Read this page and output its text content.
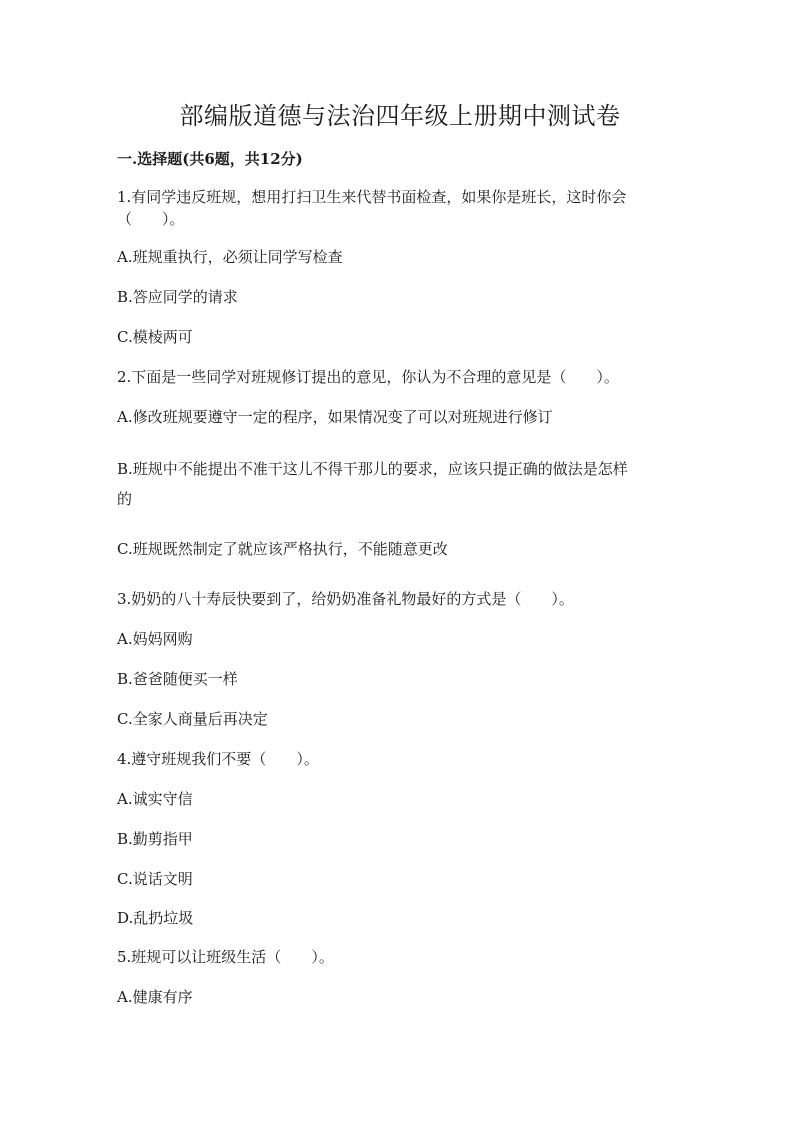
部编版道德与法治四年级上册期中测试卷
一.选择题(共6题，共12分)
1.有同学违反班规，想用打扫卫生来代替书面检查，如果你是班长，这时你会
（　　）。
A.班规重执行，必须让同学写检查
B.答应同学的请求
C.模棱两可
2.下面是一些同学对班规修订提出的意见，你认为不合理的意见是（　　）。
A.修改班规要遵守一定的程序，如果情况变了可以对班规进行修订
B.班规中不能提出不准干这儿不得干那儿的要求，应该只提正确的做法是怎样
的
C.班规既然制定了就应该严格执行，不能随意更改
3.奶奶的八十寿辰快要到了，给奶奶准备礼物最好的方式是（　　）。
A.妈妈网购
B.爸爸随便买一样
C.全家人商量后再决定
4.遵守班规我们不要（　　）。
A.诚实守信
B.勤剪指甲
C.说话文明
D.乱扔垃圾
5.班规可以让班级生活（　　）。
A.健康有序
